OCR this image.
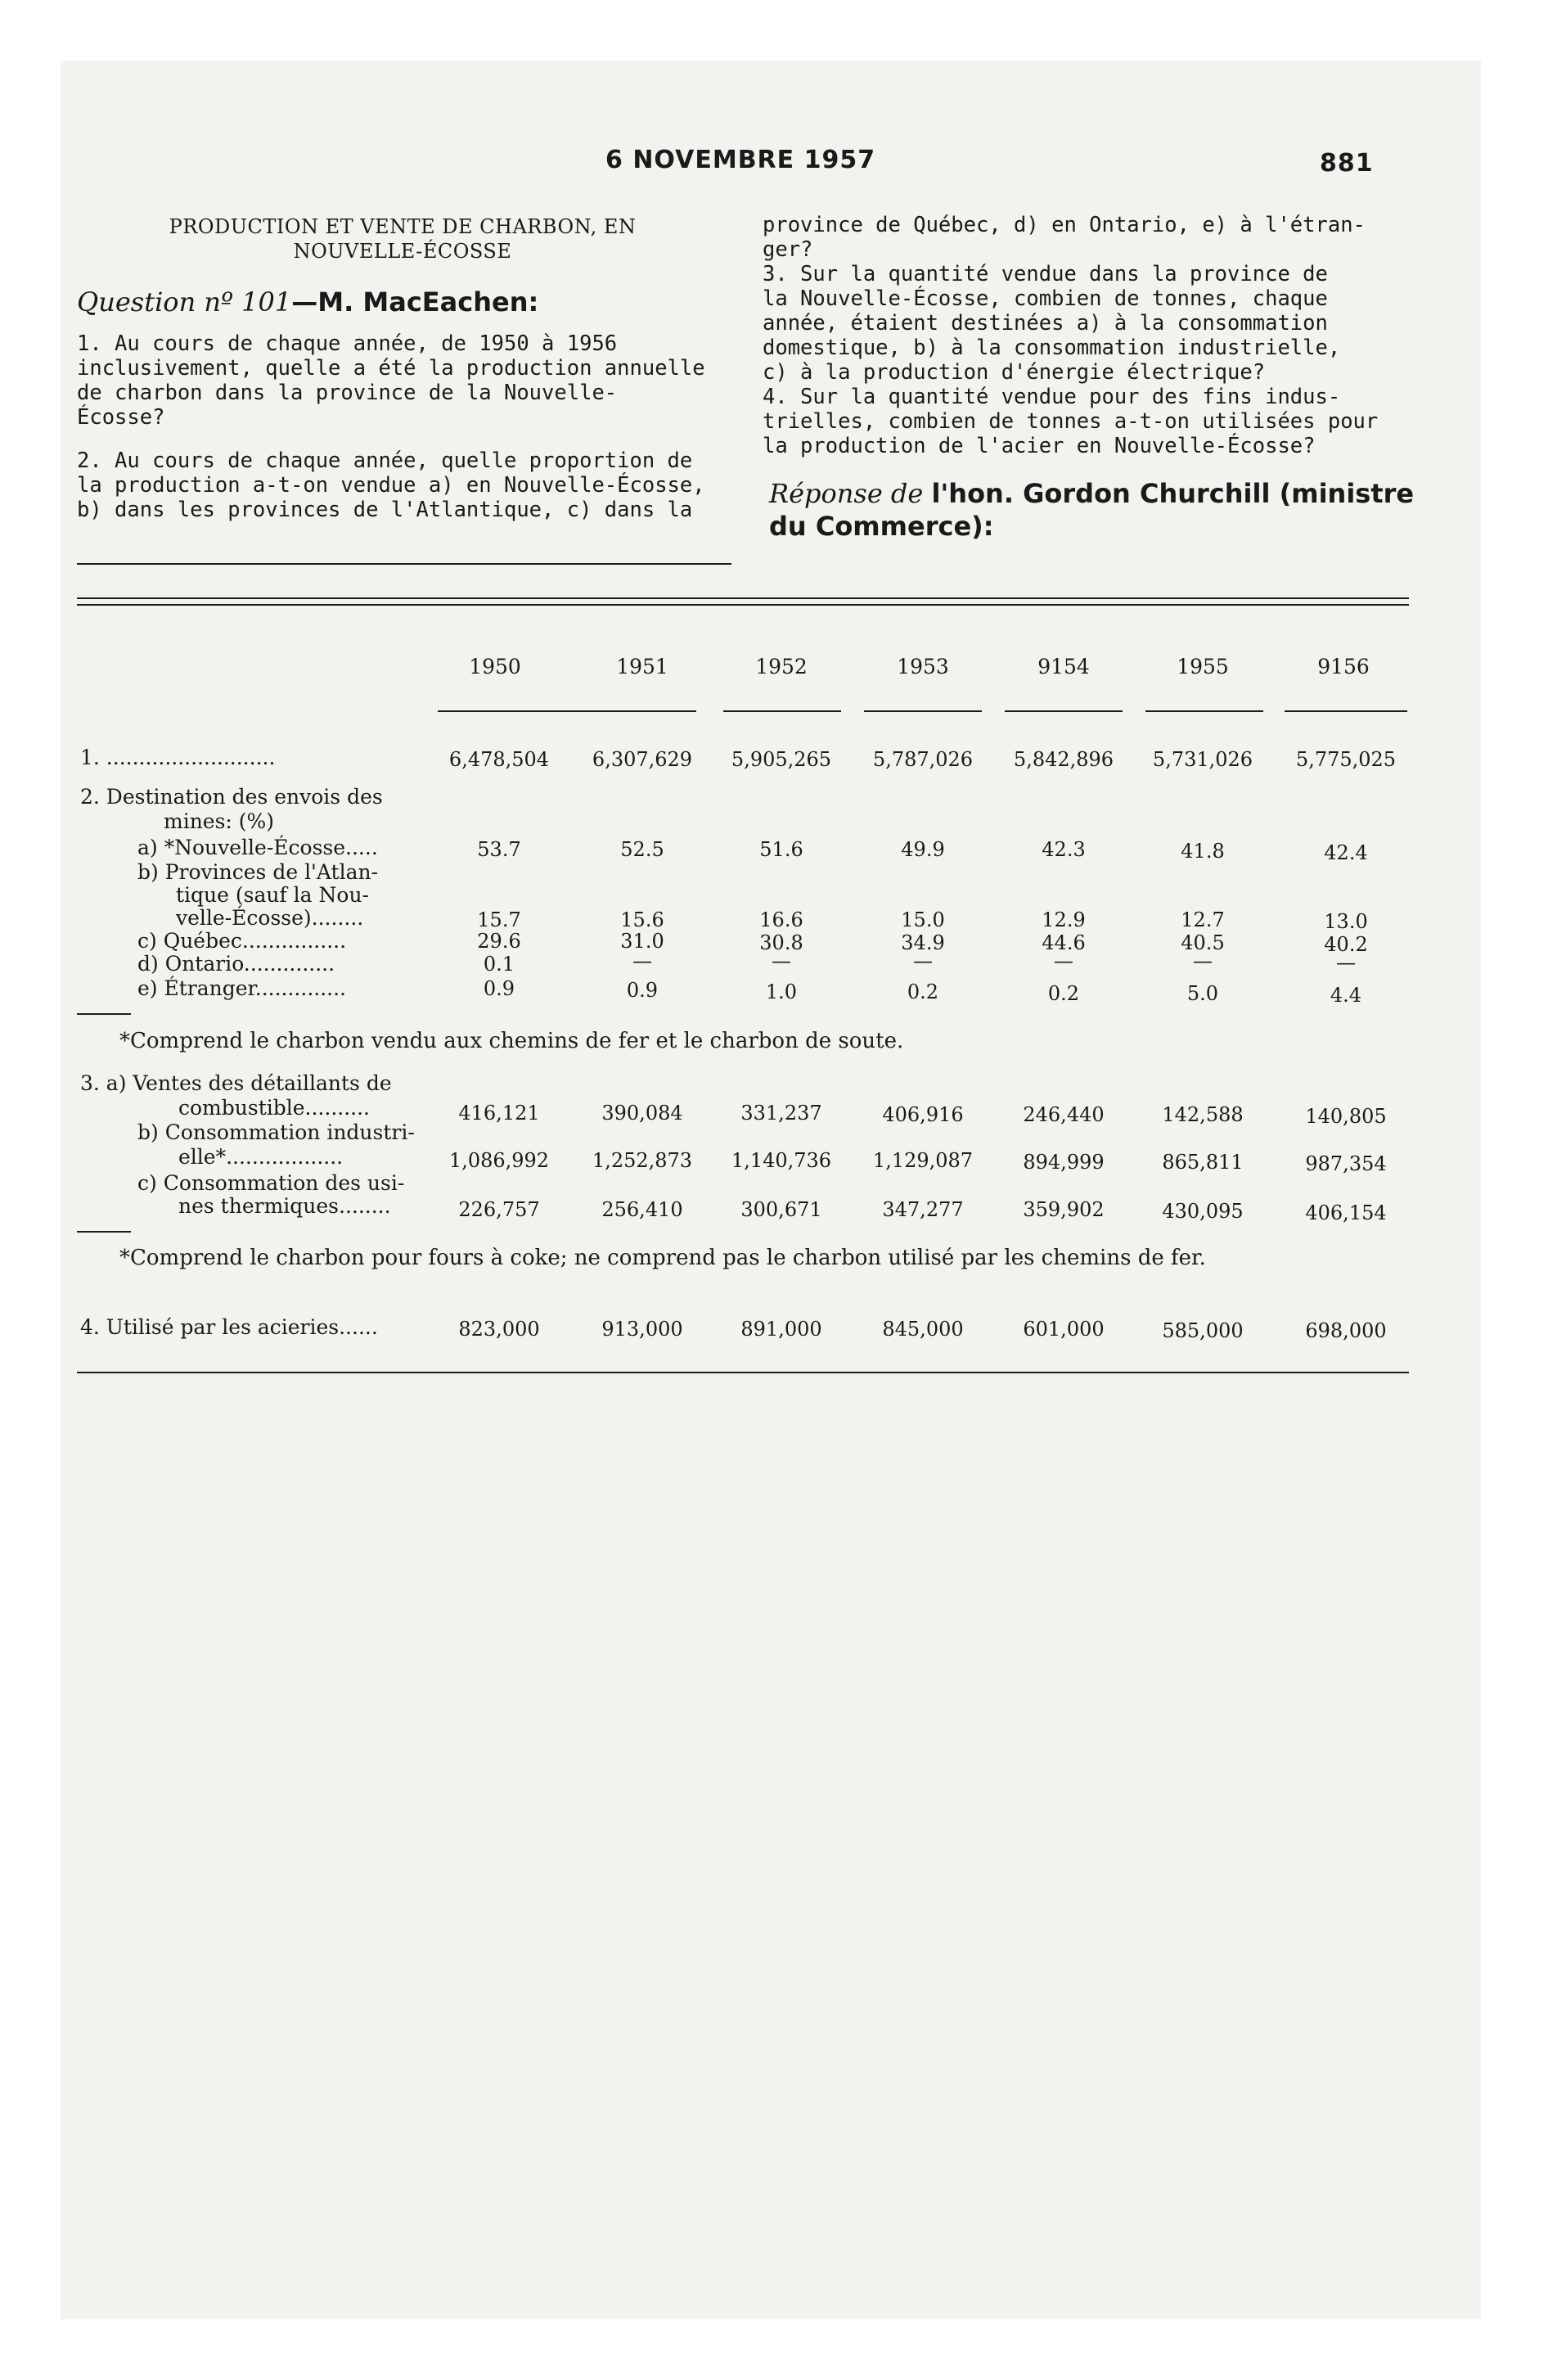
6 NOVEMBRE 1957	881
PRODUCTION ET VENTE DE CHARBON, EN
NOUVELLE-ÉCOSSE
Question nº 101—M. MacEachen:

1. Au cours de chaque année, de 1950 à 1956

inclusivement, quelle a été la production annuelle

de charbon dans la province de la Nouvelle-

Écosse?

2. Au cours de chaque année, quelle proportion de

la production a-t-on vendue a) en Nouvelle-Écosse,

b) dans les provinces de l'Atlantique, c) dans la

province de Québec, d) en Ontario, e) à l'étran-

ger?

3. Sur la quantité vendue dans la province de

la Nouvelle-Écosse, combien de tonnes, chaque

année, étaient destinées a) à la consommation

domestique, b) à la consommation industrielle,

c) à la production d'énergie électrique?

4. Sur la quantité vendue pour des fins indus-

trielles, combien de tonnes a-t-on utilisées pour

la production de l'acier en Nouvelle-Écosse?

Réponse de l'hon. Gordon Churchill (ministre
du Commerce):
1950	1951	1952	1953	9154	1955	9156
1. ..........................	6,478,504	6,307,629	5,905,265	5,787,026	5,842,896	5,731,026	5,775,025
2. Destination des envois des
mines: (%)
a) *Nouvelle-Écosse.....	53.7	52.5	51.6	49.9	42.3	41.8	42.4
b) Provinces de l'Atlan-
tique (sauf la Nou-
velle-Écosse)........	15.7	15.6	16.6	15.0	12.9	12.7	13.0
c) Québec................	29.6	31.0	30.8	34.9	44.6	40.5	40.2
d) Ontario..............	0.1	—	—	—	—	—	—
e) Étranger..............	0.9	0.9	1.0	0.2	0.2	5.0	4.4
*Comprend le charbon vendu aux chemins de fer et le charbon de soute.
3. a) Ventes des détaillants de
combustible..........	416,121	390,084	331,237	406,916	246,440	142,588	140,805
b) Consommation industri-
elle*..................	1,086,992	1,252,873	1,140,736	1,129,087	894,999	865,811	987,354
c) Consommation des usi-
nes thermiques........	226,757	256,410	300,671	347,277	359,902	430,095	406,154
*Comprend le charbon pour fours à coke; ne comprend pas le charbon utilisé par les chemins de fer.
4. Utilisé par les acieries......	823,000	913,000	891,000	845,000	601,000	585,000	698,000
